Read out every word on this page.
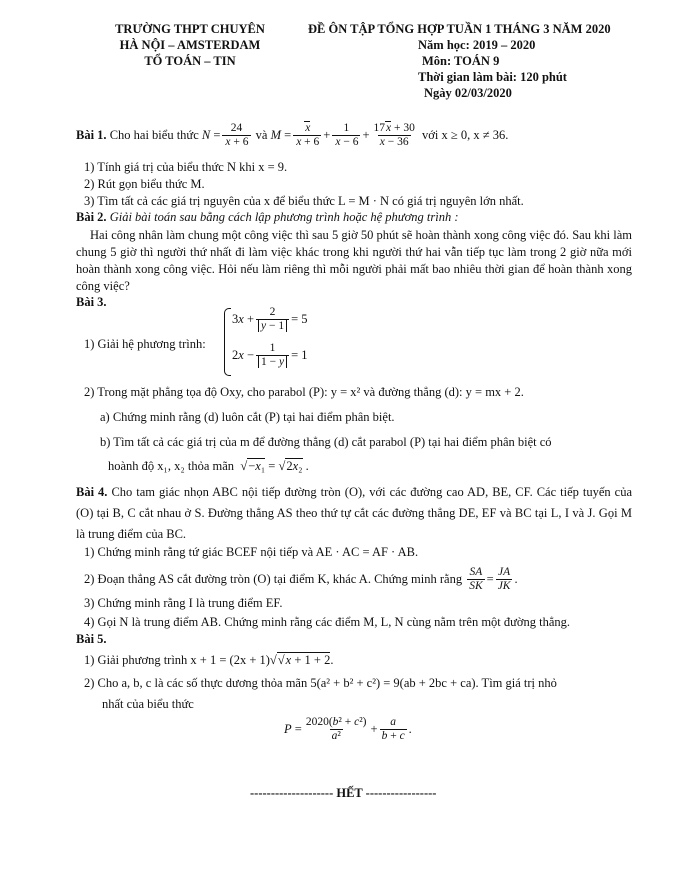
TRƯỜNG THPT CHUYÊN
HÀ NỘI – AMSTERDAM
TỔ TOÁN – TIN
ĐỀ ÔN TẬP TỔNG HỢP TUẦN 1 THÁNG 3 NĂM 2020
Năm học: 2019 – 2020
Môn: TOÁN 9
Thời gian làm bài: 120 phút
Ngày 02/03/2020
Bài 1.
Cho hai biểu thức
$N = \frac{24}{x + 6}$
và
$M = \frac{x}{x + 6} + \frac{1}{x - 6} + \frac{17x + 30}{x - 36}$
với x ≥ 0, x ≠ 36.
1) Tính giá trị của biểu thức N khi x = 9.
2) Rút gọn biểu thức M.
3) Tìm tất cả các giá trị nguyên của x để biểu thức L = M · N có giá trị nguyên lớn nhất.
Bài 2. Giải bài toán sau bằng cách lập phương trình hoặc hệ phương trình :
Hai công nhân làm chung một công việc thì sau 5 giờ 50 phút sẽ hoàn thành xong công việc đó. Sau khi làm chung 5 giờ thì người thứ nhất đi làm việc khác trong khi người thứ hai vẫn tiếp tục làm trong 2 giờ nữa mới hoàn thành xong công việc. Hỏi nếu làm riêng thì mỗi người phải mất bao nhiêu thời gian để hoàn thành xong công việc?
Bài 3.
1) Giải hệ phương trình:
3 $x + \frac{2}{y - 1} = 5$
2 $x - \frac{1}{1 - y} = 1$
2) Trong mặt phẳng tọa độ Oxy, cho parabol (P): y = x² và đường thẳng (d): y = mx + 2.
a) Chứng minh rằng (d) luôn cắt (P) tại hai điểm phân biệt.
b) Tìm tất cả các giá trị của m để đường thẳng (d) cắt parabol (P) tại hai điểm phân biệt có
hoành độ x₁, x₂ thỏa mãn  √−x₁ = √2x₂ .
Bài 4. Cho tam giác nhọn ABC nội tiếp đường tròn (O), với các đường cao AD, BE, CF. Các tiếp tuyến của (O) tại B, C cắt nhau ở S. Đường thẳng AS theo thứ tự cắt các đường thẳng DE, EF và BC tại L, I và J. Gọi M là trung điểm của BC.
1) Chứng minh rằng tứ giác BCEF nội tiếp và AE · AC = AF · AB.
2) Đoạn thẳng AS cắt đường tròn (O) tại điểm K, khác A. Chứng minh rằng
$\frac{SA}{SK} = \frac{JA}{JK}$ .
3) Chứng minh rằng I là trung điểm EF.
4) Gọi N là trung điểm AB. Chứng minh rằng các điểm M, L, N cùng nằm trên một đường thẳng.
Bài 5.
1) Giải phương trình x + 1 = (2x + 1)√√x + 1 + 2.
2) Cho a, b, c là các số thực dương thỏa mãn 5(a² + b² + c²) = 9(ab + 2bc + ca). Tìm giá trị nhỏ
nhất của biểu thức
$P = \frac{\text{2020(b² + c²)}}{\text{a²}} + \frac{a}{b + c}$ .
-------------------- HẾT -----------------
